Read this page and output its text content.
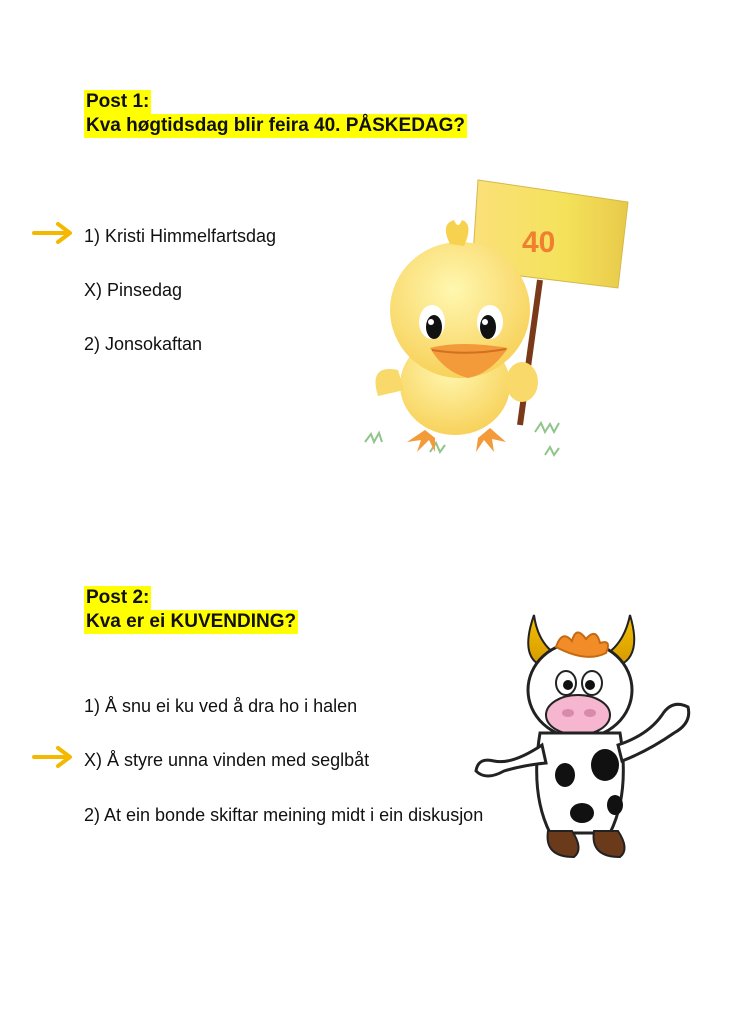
Post 1:
Kva høgtidsdag blir feira 40. PÅSKEDAG?
1) Kristi Himmelfartsdag
X) Pinsedag
2) Jonsokaftan
40
Post 2:
Kva er ei KUVENDING?
1) Å snu ei ku ved å dra ho i halen
X) Å styre unna vinden med seglbåt
2) At ein bonde skiftar meining midt i ein diskusjon
